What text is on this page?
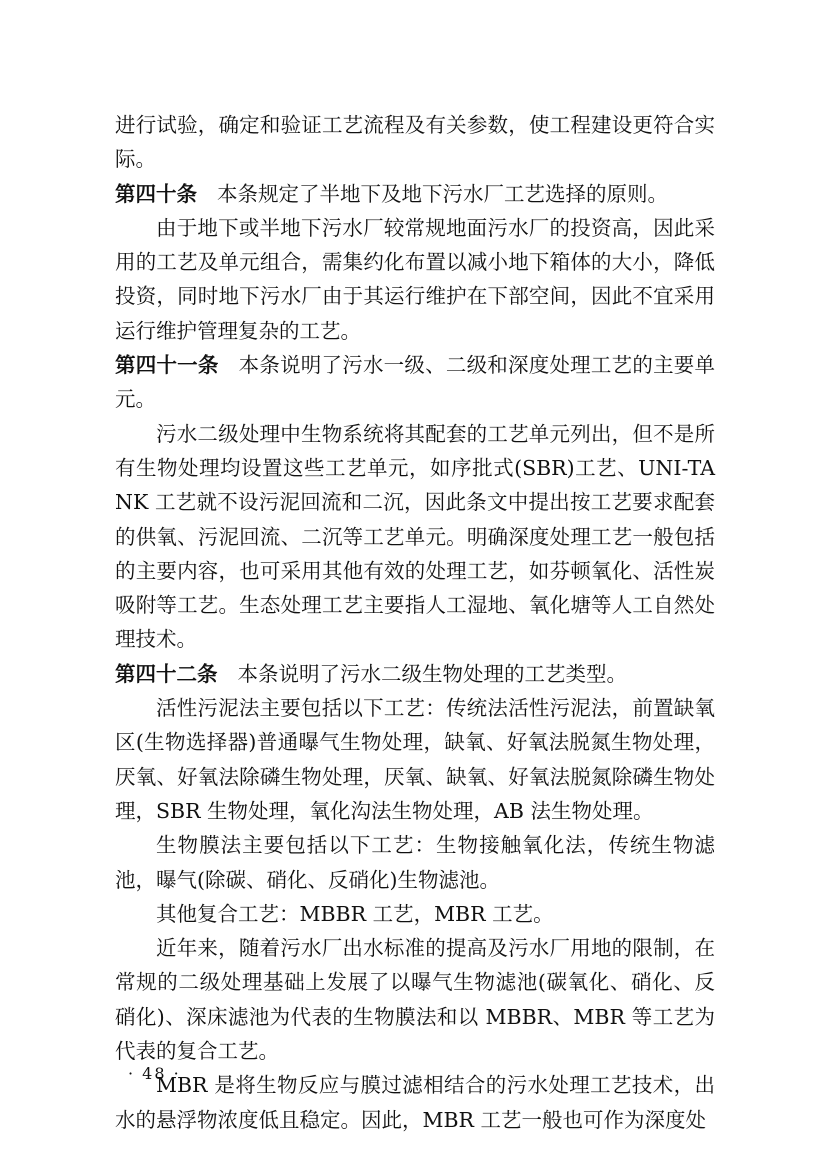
进行试验，确定和验证工艺流程及有关参数，使工程建设更符合实际。

第四十条 本条规定了半地下及地下污水厂工艺选择的原则。

由于地下或半地下污水厂较常规地面污水厂的投资高，因此采用的工艺及单元组合，需集约化布置以减小地下箱体的大小，降低投资，同时地下污水厂由于其运行维护在下部空间，因此不宜采用运行维护管理复杂的工艺。

第四十一条 本条说明了污水一级、二级和深度处理工艺的主要单元。

污水二级处理中生物系统将其配套的工艺单元列出，但不是所有生物处理均设置这些工艺单元，如序批式(SBR)工艺、UNI-TANK 工艺就不设污泥回流和二沉，因此条文中提出按工艺要求配套的供氧、污泥回流、二沉等工艺单元。明确深度处理工艺一般包括的主要内容，也可采用其他有效的处理工艺，如芬顿氧化、活性炭吸附等工艺。生态处理工艺主要指人工湿地、氧化塘等人工自然处理技术。

第四十二条 本条说明了污水二级生物处理的工艺类型。

活性污泥法主要包括以下工艺：传统法活性污泥法，前置缺氧区(生物选择器)普通曝气生物处理，缺氧、好氧法脱氮生物处理，厌氧、好氧法除磷生物处理，厌氧、缺氧、好氧法脱氮除磷生物处理，SBR 生物处理，氧化沟法生物处理，AB 法生物处理。

生物膜法主要包括以下工艺：生物接触氧化法，传统生物滤池，曝气(除碳、硝化、反硝化)生物滤池。

其他复合工艺：MBBR 工艺，MBR 工艺。

近年来，随着污水厂出水标准的提高及污水厂用地的限制，在常规的二级处理基础上发展了以曝气生物滤池(碳氧化、硝化、反硝化)、深床滤池为代表的生物膜法和以 MBBR、MBR 等工艺为代表的复合工艺。

MBR 是将生物反应与膜过滤相结合的污水处理工艺技术，出水的悬浮物浓度低且稳定。因此，MBR 工艺一般也可作为深度处

· 48 ·
